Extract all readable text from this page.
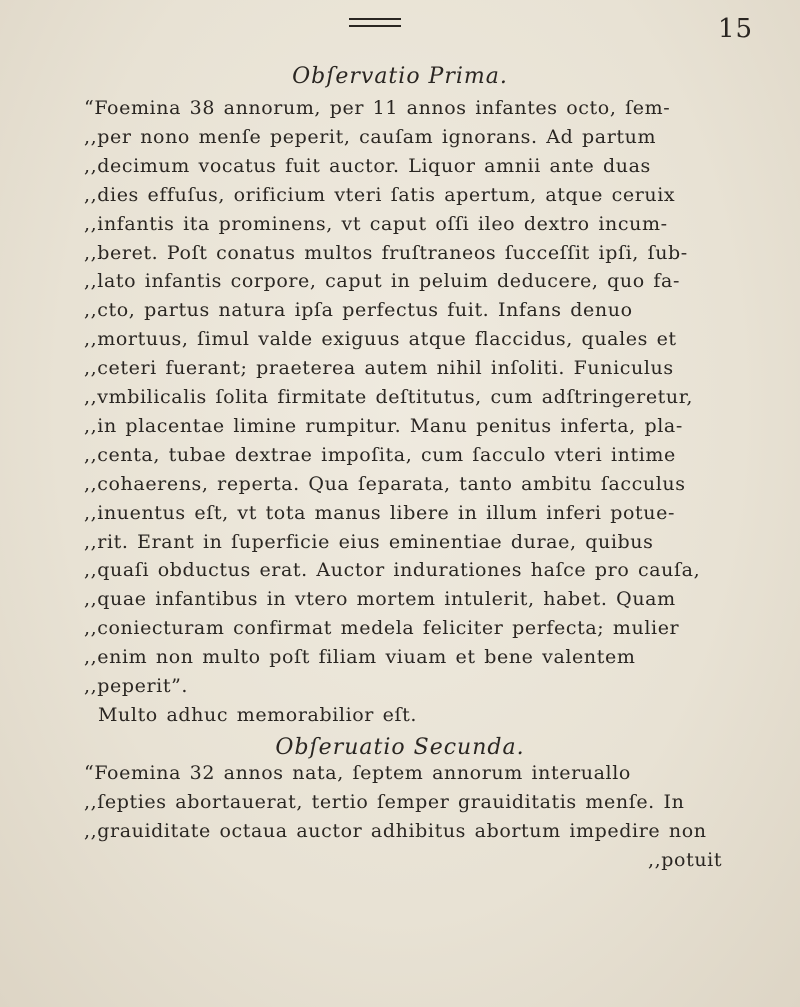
15
Obſervatio Prima.
“Foemina 38 annorum, per 11 annos infantes octo, ſem-
,,per nono menſe peperit, cauſam ignorans. Ad partum
,,decimum vocatus fuit auctor. Liquor amnii ante duas
,,dies effuſus, orificium vteri ſatis apertum, atque ceruix
,,infantis ita prominens, vt caput oſſi ileo dextro incum-
,,beret. Poſt conatus multos fruſtraneos ſucceſſit ipſi, ſub-
,,lato infantis corpore, caput in peluim deducere, quo fa-
,,cto, partus natura ipſa perfectus fuit. Infans denuo
,,mortuus, ſimul valde exiguus atque flaccidus, quales et
,,ceteri fuerant; praeterea autem nihil inſoliti. Funiculus
,,vmbilicalis ſolita firmitate deſtitutus, cum adſtringeretur,
,,in placentae limine rumpitur. Manu penitus inferta, pla-
,,centa, tubae dextrae impoſita, cum ſacculo vteri intime
,,cohaerens, reperta. Qua ſeparata, tanto ambitu ſacculus
,,inuentus eſt, vt tota manus libere in illum inferi potue-
,,rit. Erant in ſuperficie eius eminentiae durae, quibus
,,quaſi obductus erat. Auctor indurationes haſce pro cauſa,
,,quae infantibus in vtero mortem intulerit, habet. Quam
,,coniecturam confirmat medela feliciter perfecta; mulier
,,enim non multo poſt filiam viuam et bene valentem
,,peperit”.
Obſeruatio Secunda.
“Foemina 32 annos nata, ſeptem annorum interuallo
,,ſepties abortauerat, tertio ſemper grauiditatis menſe. In
,,grauiditate octaua auctor adhibitus abortum impedire non
,,potuit
Multo adhuc memorabilior eſt.
